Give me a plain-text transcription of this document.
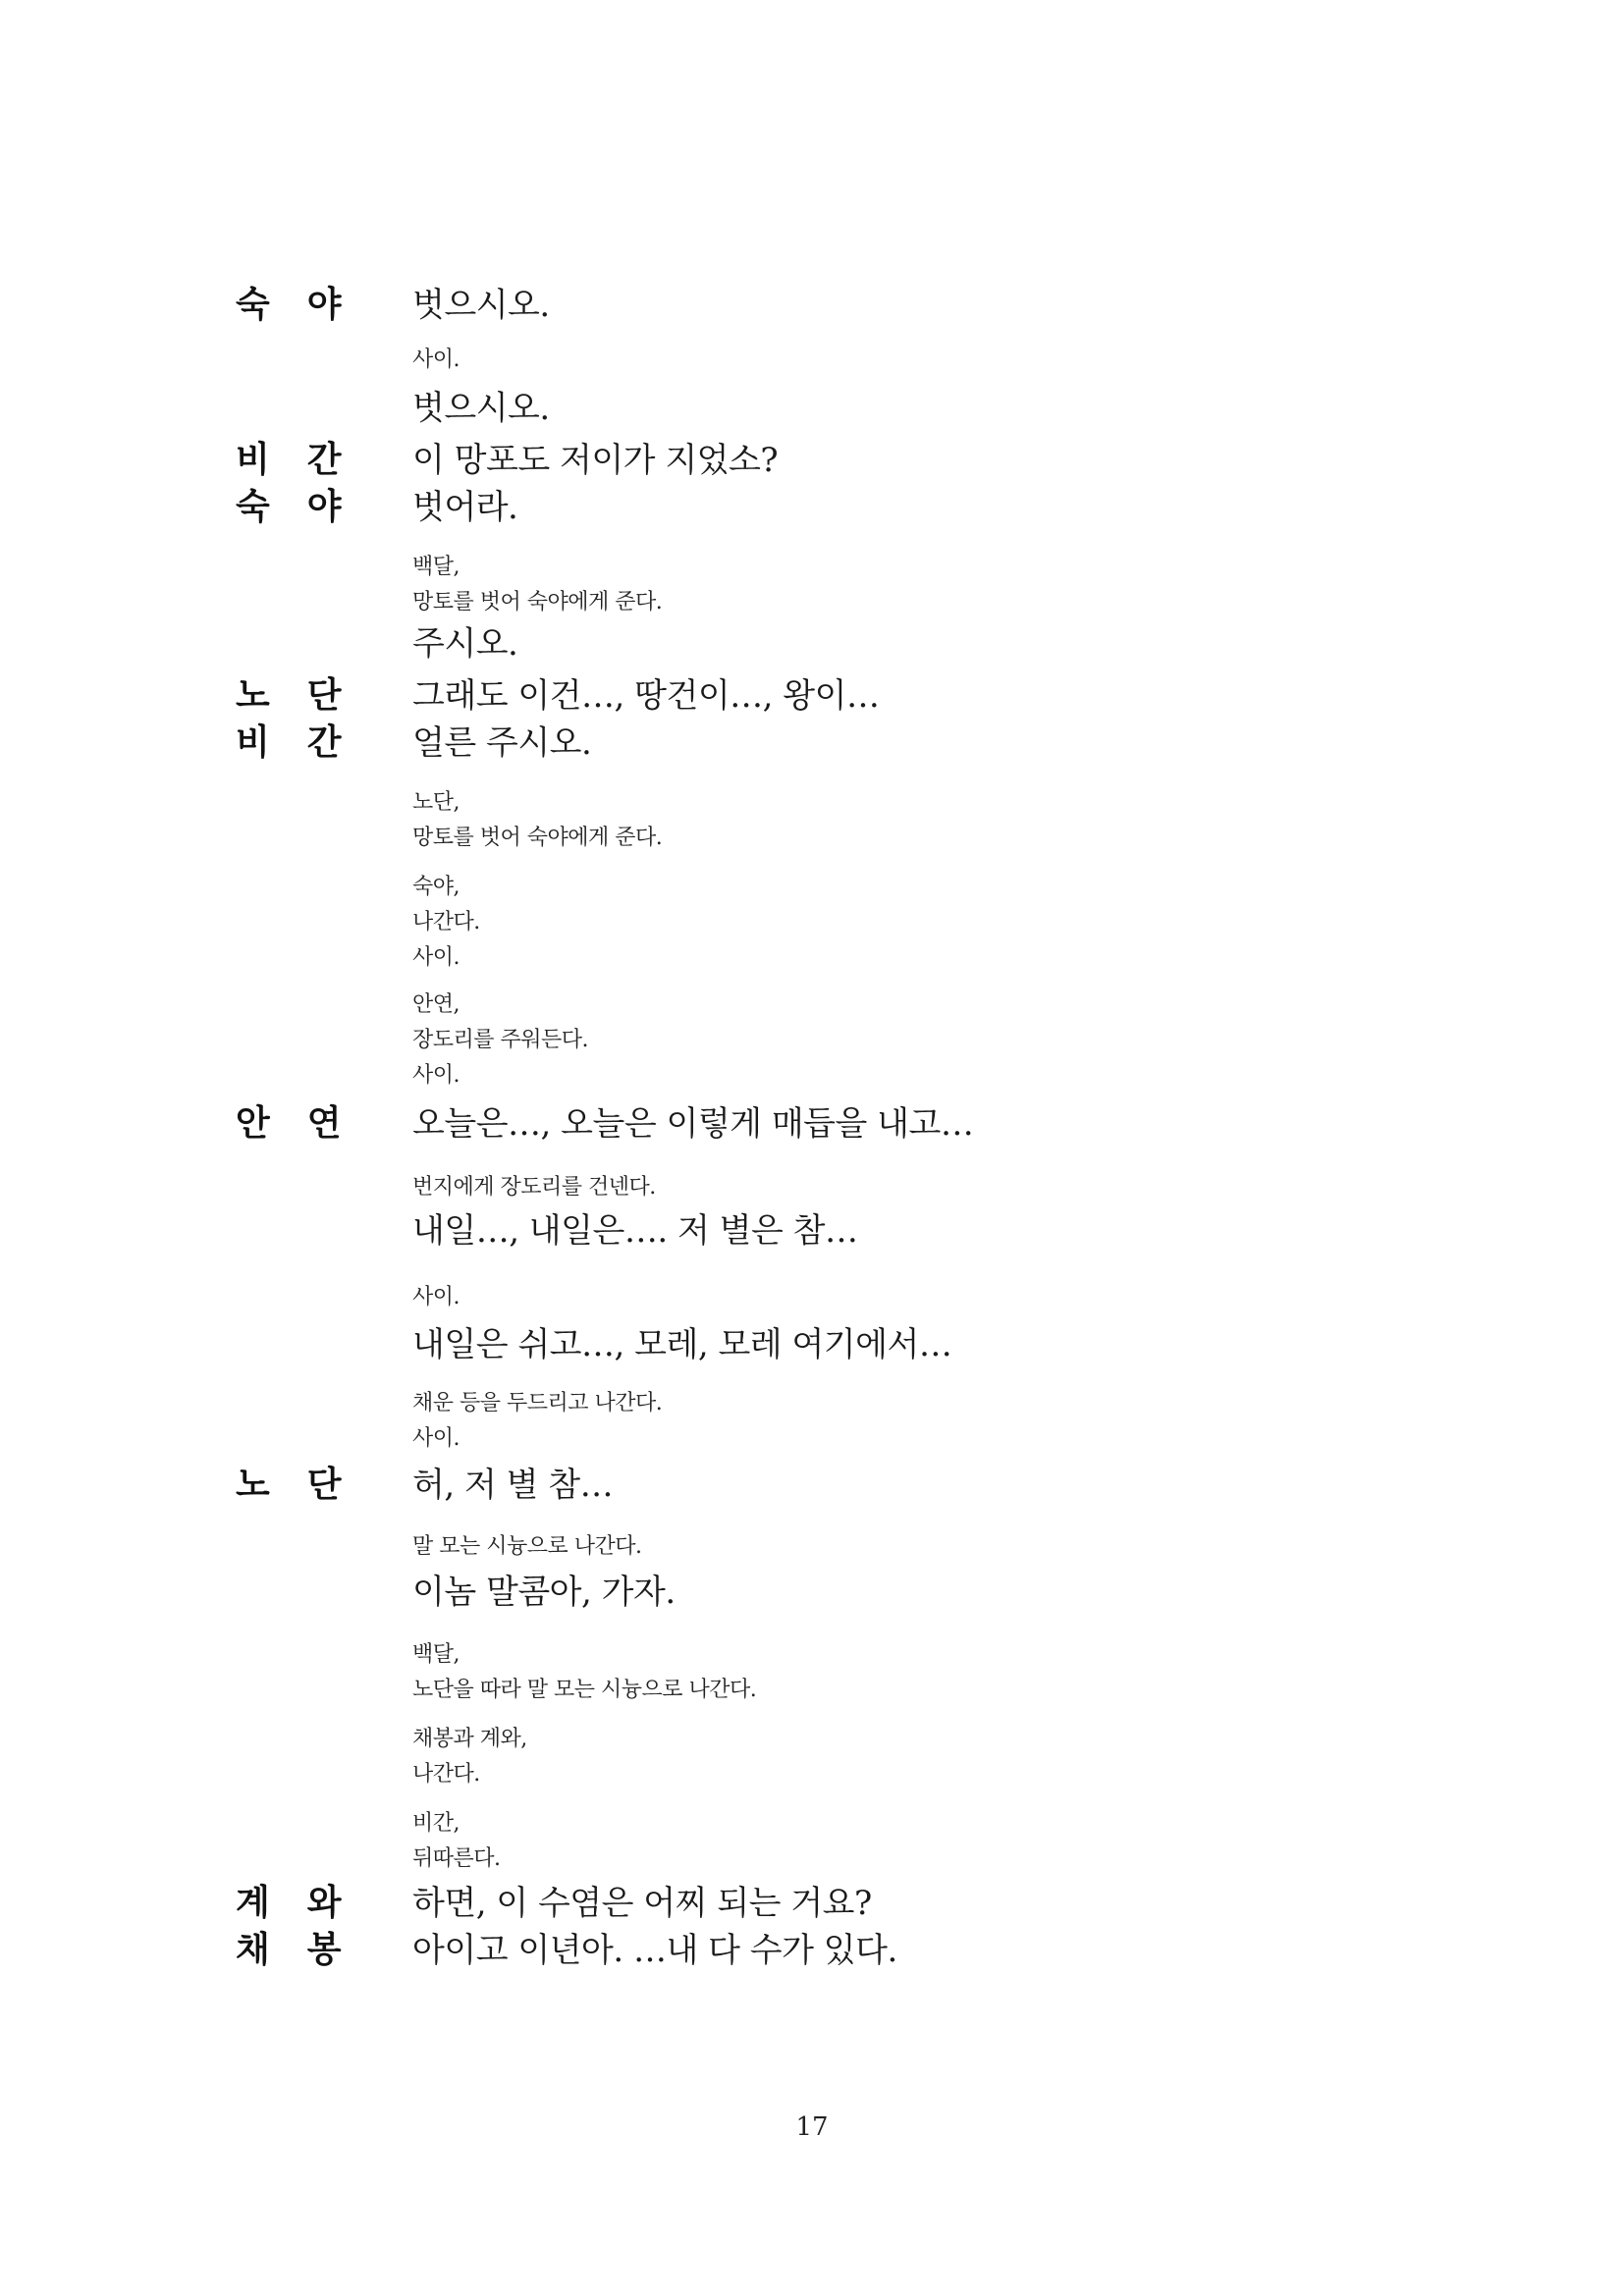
숙야	벗으시오.
사이.
벗으시오.
비간	이 망포도 저이가 지었소?
숙야	벗어라.
백달,
망토를 벗어 숙야에게 준다.
주시오.
노단	그래도 이건…, 땅건이…, 왕이…
비간	얼른 주시오.
노단,
망토를 벗어 숙야에게 준다.
숙야,
나간다.
사이.
안연,
장도리를 주워든다.
사이.
안연	오늘은…, 오늘은 이렇게 매듭을 내고…
번지에게 장도리를 건넨다.
내일…, 내일은…. 저 별은 참…
사이.
내일은 쉬고…, 모레, 모레 여기에서…
채운 등을 두드리고 나간다.
사이.
노단	허, 저 별 참…
말 모는 시늉으로 나간다.
이놈 말콤아, 가자.
백달,
노단을 따라 말 모는 시늉으로 나간다.
채봉과 계와,
나간다.
비간,
뒤따른다.
계와	하면, 이 수염은 어찌 되는 거요?
채봉	아이고 이년아. …내 다 수가 있다.
17
